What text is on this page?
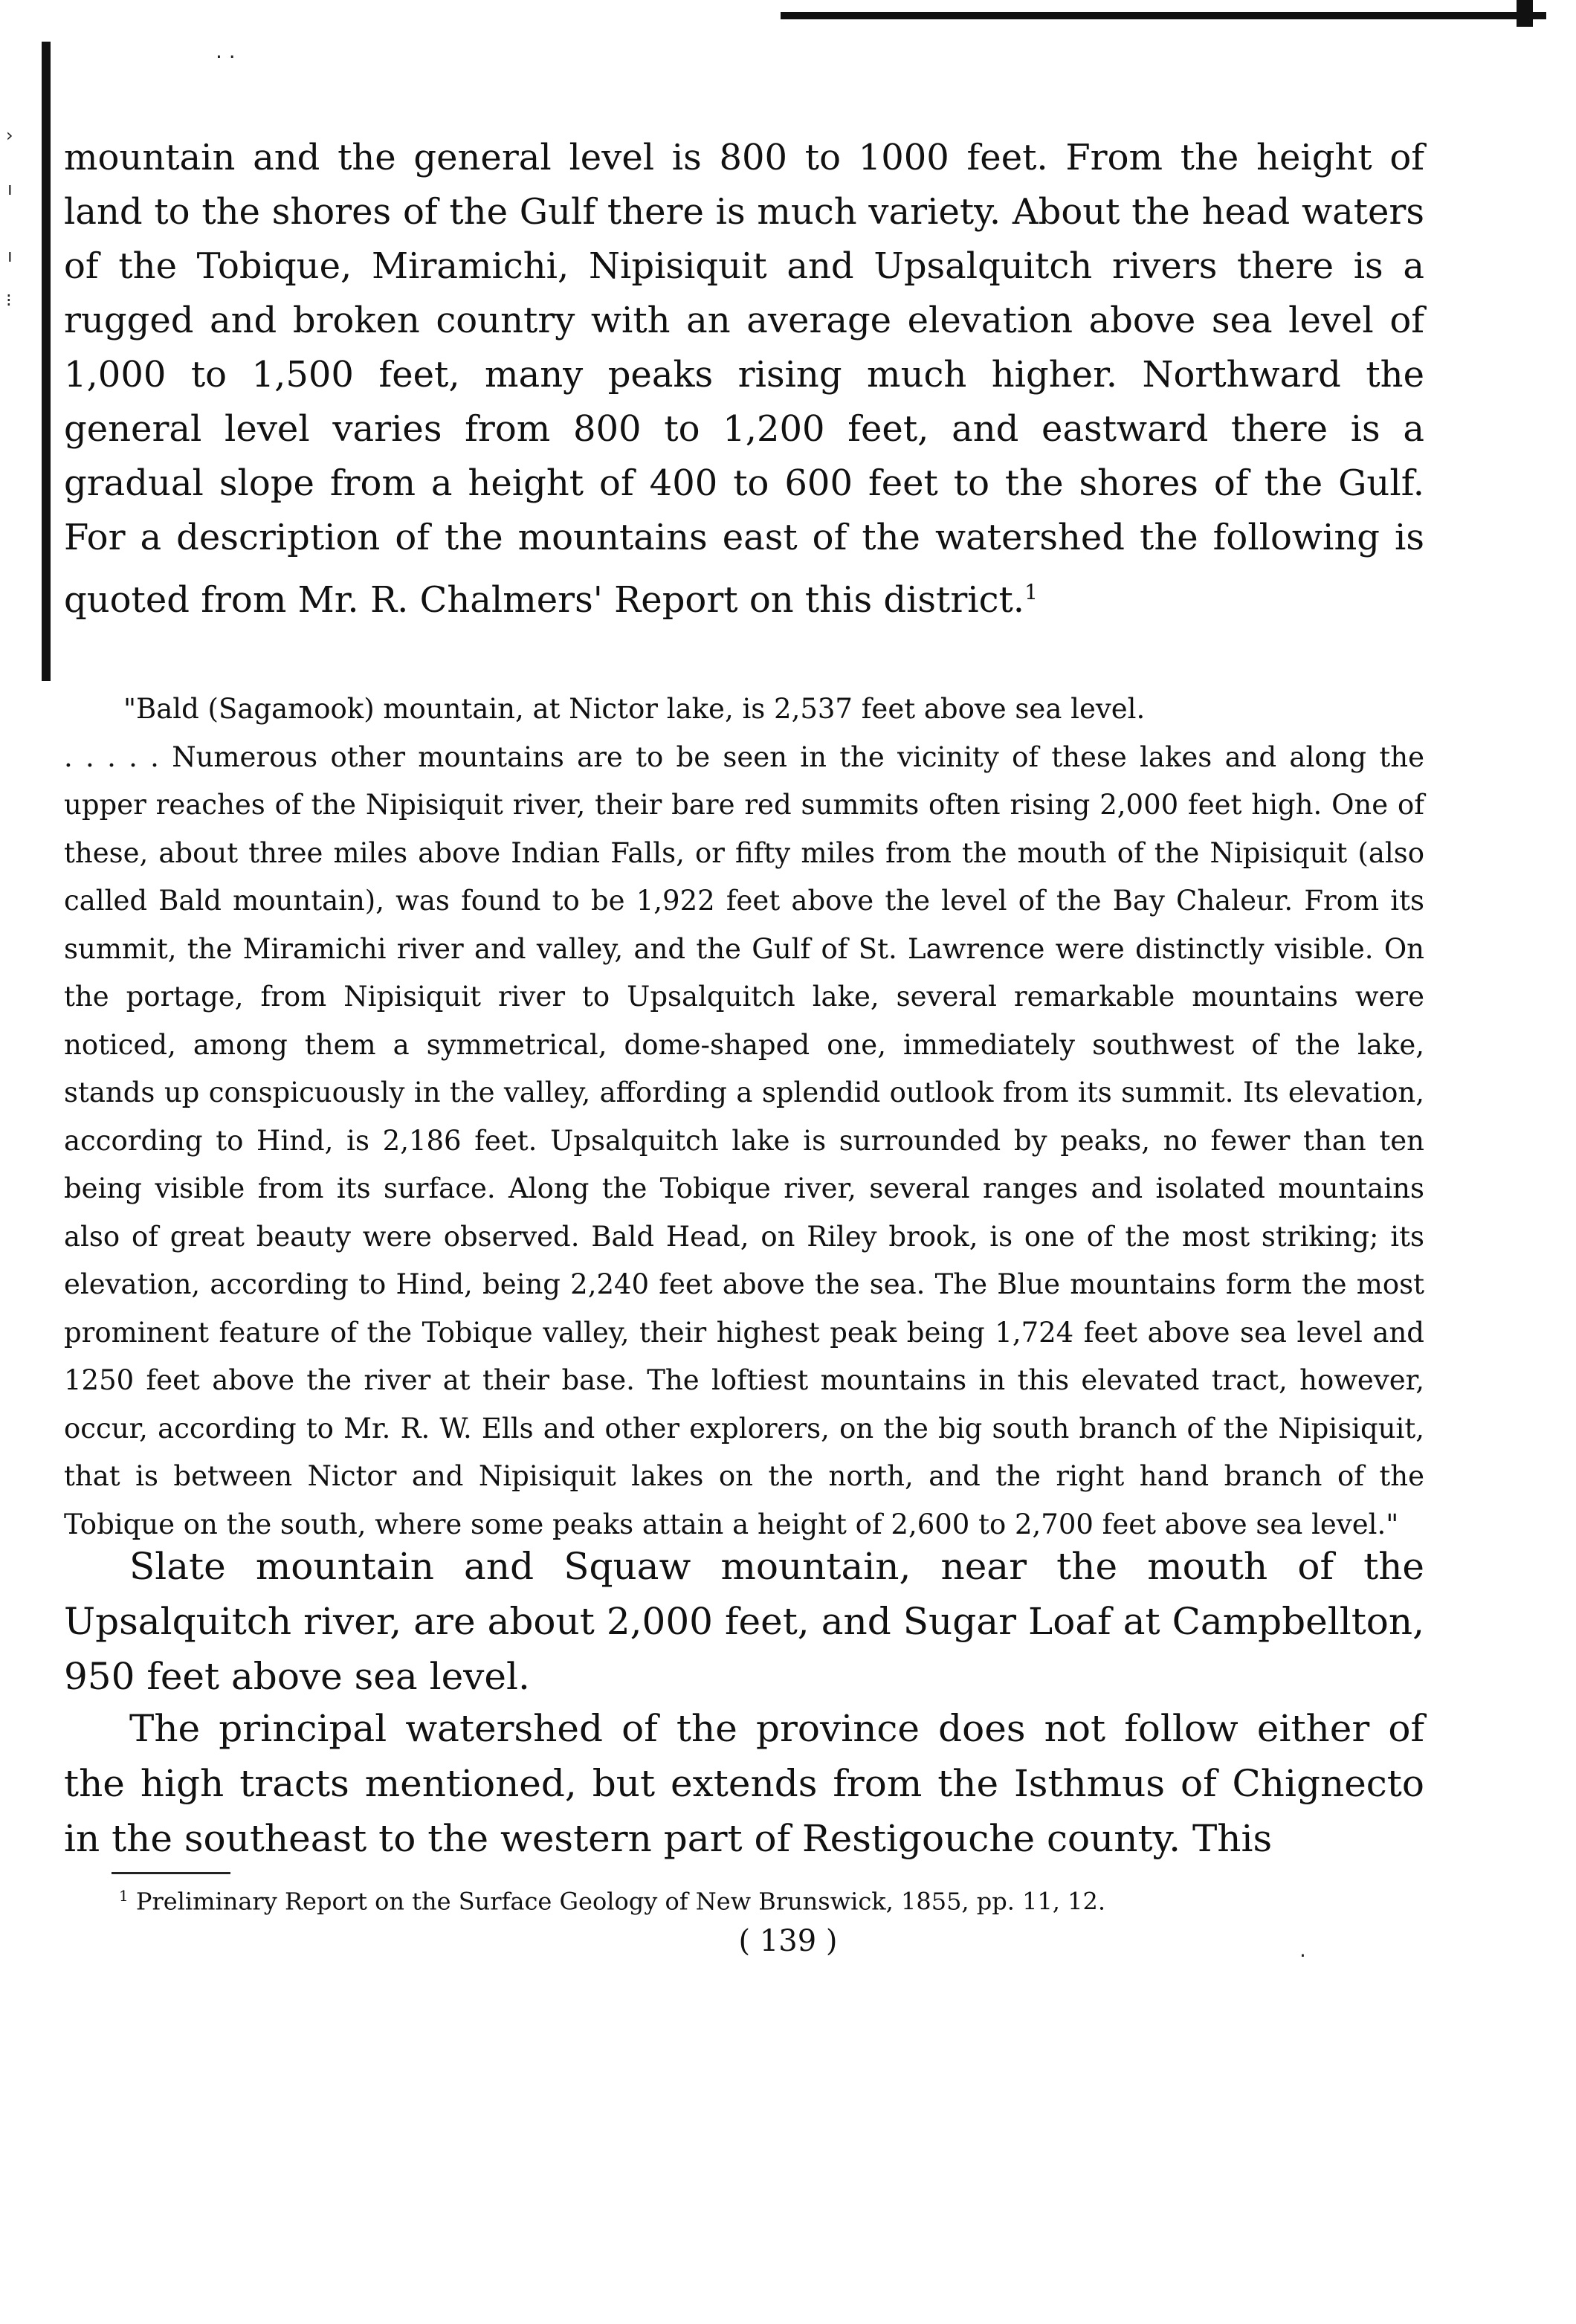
›
ı
ı
⁝
· ·
·

mountain and the general level is 800 to 1000 feet. From the height of land to the shores of the Gulf there is much variety. About the head waters of the Tobique, Miramichi, Nipisiquit and Upsalquitch rivers there is a rugged and broken country with an average elevation above sea level of 1,000 to 1,500 feet, many peaks rising much higher. Northward the general level varies from 800 to 1,200 feet, and eastward there is a gradual slope from a height of 400 to 600 feet to the shores of the Gulf. For a description of the mountains east of the watershed the following is quoted from Mr. R. Chalmers' Report on this district.$^1$

"Bald (Sagamook) mountain, at Nictor lake, is 2,537 feet above sea level.
. . . . . Numerous other mountains are to be seen in the vicinity of these lakes and along the upper reaches of the Nipisiquit river, their bare red summits often rising 2,000 feet high. One of these, about three miles above Indian Falls, or fifty miles from the mouth of the Nipisiquit (also called Bald mountain), was found to be 1,922 feet above the level of the Bay Chaleur. From its summit, the Miramichi river and valley, and the Gulf of St. Lawrence were distinctly visible. On the portage, from Nipisiquit river to Upsalquitch lake, several remarkable mountains were noticed, among them a symmetrical, dome-shaped one, immediately southwest of the lake, stands up conspicuously in the valley, affording a splendid outlook from its summit. Its elevation, according to Hind, is 2,186 feet. Upsalquitch lake is surrounded by peaks, no fewer than ten being visible from its surface. Along the Tobique river, several ranges and isolated mountains also of great beauty were observed. Bald Head, on Riley brook, is one of the most striking; its elevation, according to Hind, being 2,240 feet above the sea. The Blue mountains form the most prominent feature of the Tobique valley, their highest peak being 1,724 feet above sea level and 1250 feet above the river at their base. The loftiest mountains in this elevated tract, however, occur, according to Mr. R. W. Ells and other explorers, on the big south branch of the Nipisiquit, that is between Nictor and Nipisiquit lakes on the north, and the right hand branch of the Tobique on the south, where some peaks attain a height of 2,600 to 2,700 feet above sea level."

Slate mountain and Squaw mountain, near the mouth of the Upsalquitch river, are about 2,000 feet, and Sugar Loaf at Campbellton, 950 feet above sea level.

The principal watershed of the province does not follow either of the high tracts mentioned, but extends from the Isthmus of Chignecto in the southeast to the western part of Restigouche county. This

$^1$ Preliminary Report on the Surface Geology of New Brunswick, 1855, pp. 11, 12.

( 139 )
